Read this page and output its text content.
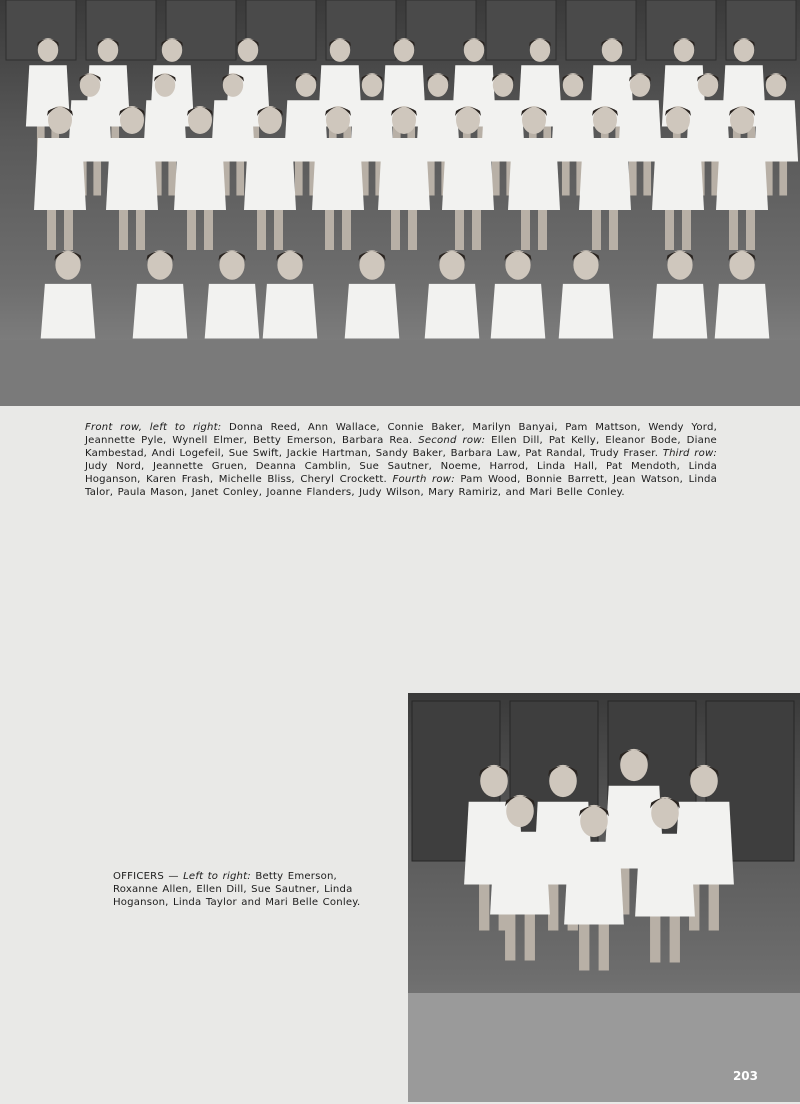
Front row, left to right: Donna Reed, Ann Wallace, Connie Baker, Marilyn Banyai, Pam Mattson, Wendy Yord, Jeannette Pyle, Wynell Elmer, Betty Emerson, Barbara Rea. Second row: Ellen Dill, Pat Kelly, Eleanor Bode, Diane Kambestad, Andi Logefeil, Sue Swift, Jackie Hartman, Sandy Baker, Barbara Law, Pat Randal, Trudy Fraser. Third row: Judy Nord, Jeannette Gruen, Deanna Camblin, Sue Sautner, Noeme, Harrod, Linda Hall, Pat Mendoth, Linda Hoganson, Karen Frash, Michelle Bliss, Cheryl Crockett. Fourth row: Pam Wood, Bonnie Barrett, Jean Watson, Linda Talor, Paula Mason, Janet Conley, Joanne Flanders, Judy Wilson, Mary Ramiriz, and Mari Belle Conley.
OFFICERS — Left to right: Betty Emerson, Roxanne Allen, Ellen Dill, Sue Sautner, Linda Hoganson, Linda Taylor and Mari Belle Conley.
203
